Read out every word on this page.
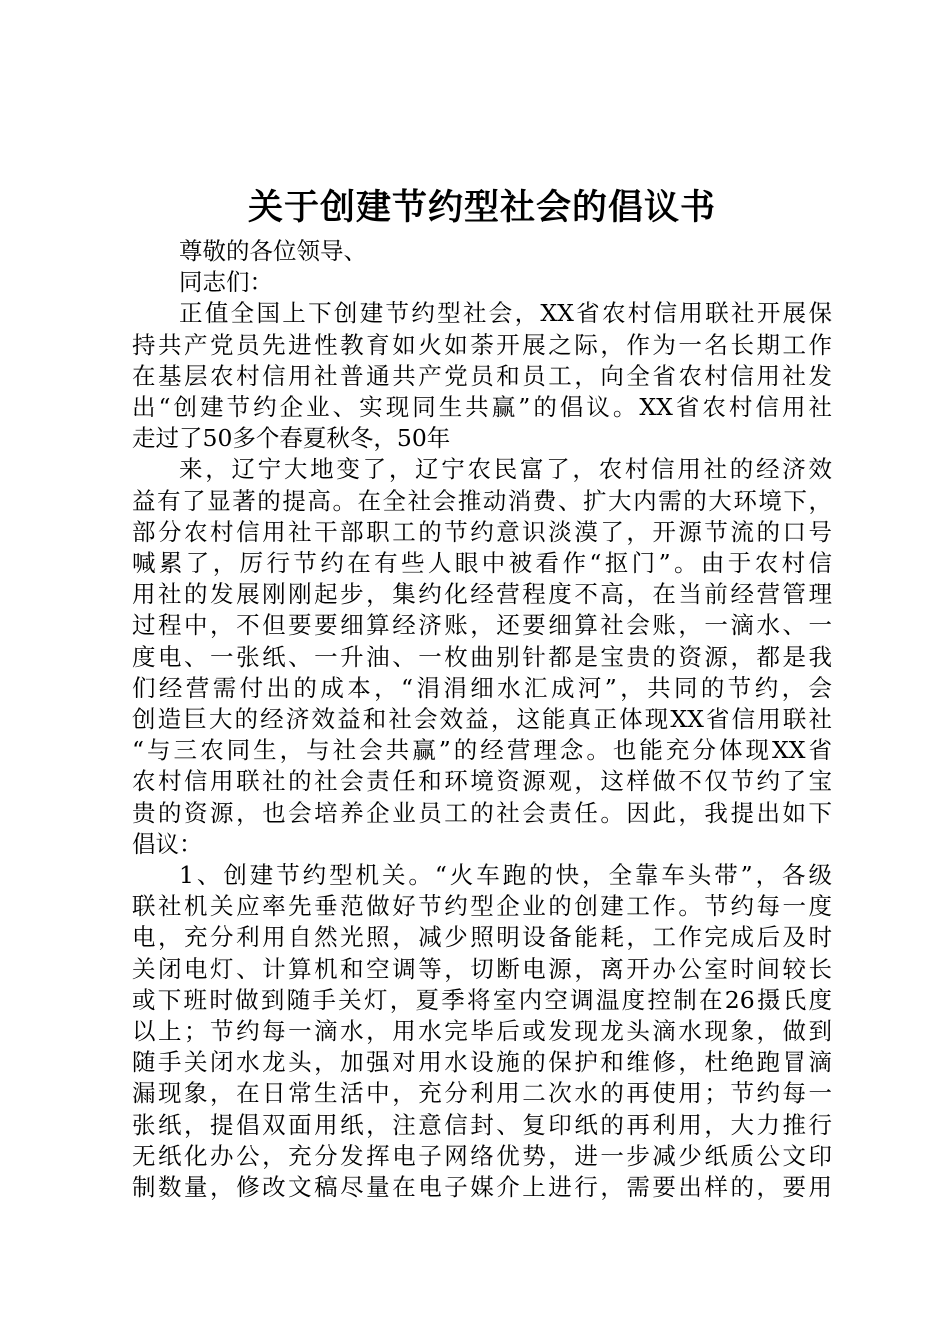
关于创建节约型社会的倡议书

尊敬的各位领导、

同志们：

正值全国上下创建节约型社会，XX省农村信用联社开展保

持共产党员先进性教育如火如荼开展之际，作为一名长期工作

在基层农村信用社普通共产党员和员工，向全省农村信用社发

出“创建节约企业、实现同生共赢”的倡议。XX省农村信用社

走过了50多个春夏秋冬，50年

来，辽宁大地变了，辽宁农民富了，农村信用社的经济效

益有了显著的提高。在全社会推动消费、扩大内需的大环境下，

部分农村信用社干部职工的节约意识淡漠了，开源节流的口号

喊累了，厉行节约在有些人眼中被看作“抠门”。由于农村信

用社的发展刚刚起步，集约化经营程度不高，在当前经营管理

过程中，不但要要细算经济账，还要细算社会账，一滴水、一

度电、一张纸、一升油、一枚曲别针都是宝贵的资源，都是我

们经营需付出的成本，“涓涓细水汇成河”，共同的节约，会

创造巨大的经济效益和社会效益，这能真正体现XX省信用联社

“与三农同生，与社会共赢”的经营理念。也能充分体现XX省

农村信用联社的社会责任和环境资源观，这样做不仅节约了宝

贵的资源，也会培养企业员工的社会责任。因此，我提出如下

倡议：

1、创建节约型机关。“火车跑的快，全靠车头带”，各级

联社机关应率先垂范做好节约型企业的创建工作。节约每一度

电，充分利用自然光照，减少照明设备能耗，工作完成后及时

关闭电灯、计算机和空调等，切断电源，离开办公室时间较长

或下班时做到随手关灯，夏季将室内空调温度控制在26摄氏度

以上；节约每一滴水，用水完毕后或发现龙头滴水现象，做到

随手关闭水龙头，加强对用水设施的保护和维修，杜绝跑冒滴

漏现象，在日常生活中，充分利用二次水的再使用；节约每一

张纸，提倡双面用纸，注意信封、复印纸的再利用，大力推行

无纸化办公，充分发挥电子网络优势，进一步减少纸质公文印

制数量，修改文稿尽量在电子媒介上进行，需要出样的，要用
